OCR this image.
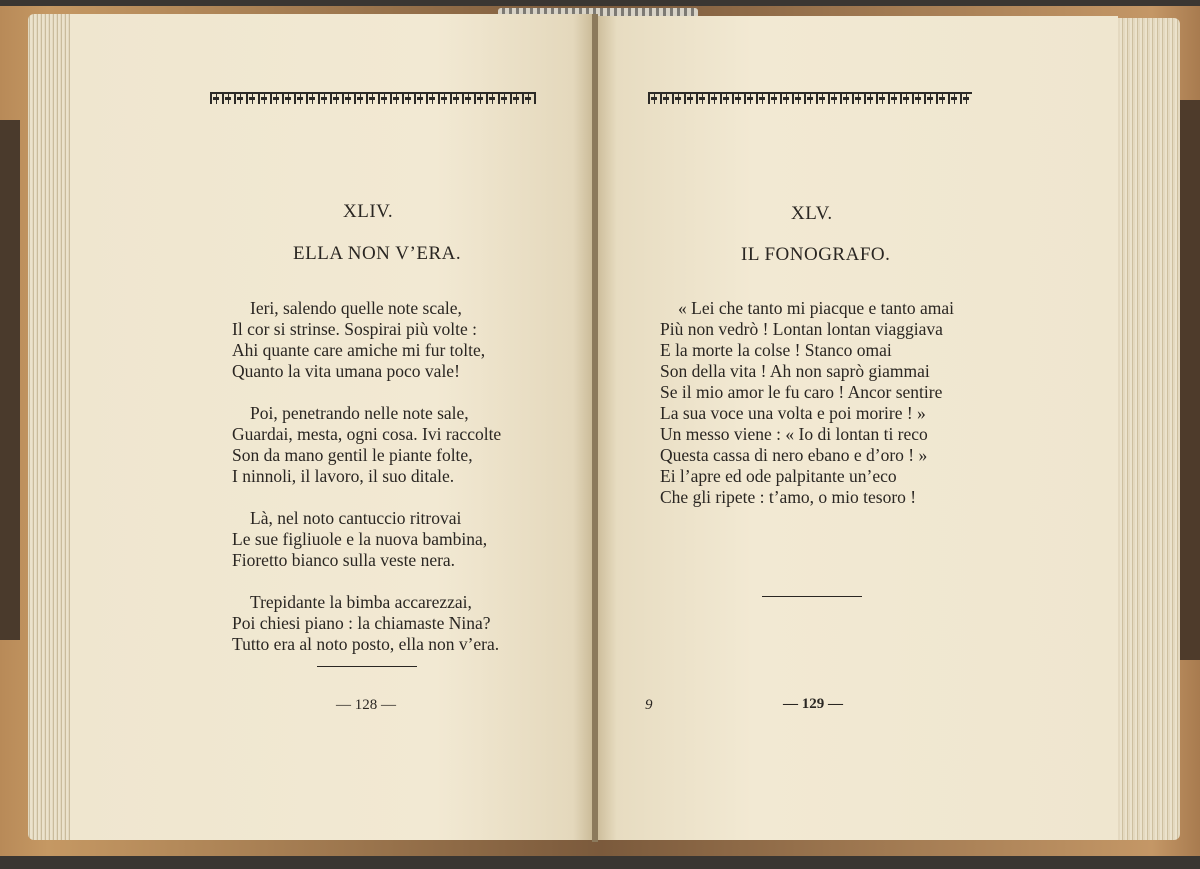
XLIV.
ELLA NON V’ERA.
Ieri, salendo quelle note scale,
Il cor si strinse. Sospirai più volte :
Ahi quante care amiche mi fur tolte,
Quanto la vita umana poco vale!
Poi, penetrando nelle note sale,
Guardai, mesta, ogni cosa. Ivi raccolte
Son da mano gentil le piante folte,
I ninnoli, il lavoro, il suo ditale.
Là, nel noto cantuccio ritrovai
Le sue figliuole e la nuova bambina,
Fioretto bianco sulla veste nera.
Trepidante la bimba accarezzai,
Poi chiesi piano : la chiamaste Nina?
Tutto era al noto posto, ella non v’era.
— 128 —
XLV.
IL FONOGRAFO.
« Lei che tanto mi piacque e tanto amai
Più non vedrò ! Lontan lontan viaggiava
E la morte la colse ! Stanco omai
Son della vita ! Ah non saprò giammai
Se il mio amor le fu caro ! Ancor sentire
La sua voce una volta e poi morire ! »
Un messo viene : « Io di lontan ti reco
Questa cassa di nero ebano e d’oro ! »
Ei l’apre ed ode palpitante un’eco
Che gli ripete : t’amo, o mio tesoro !
9	— 129 —
